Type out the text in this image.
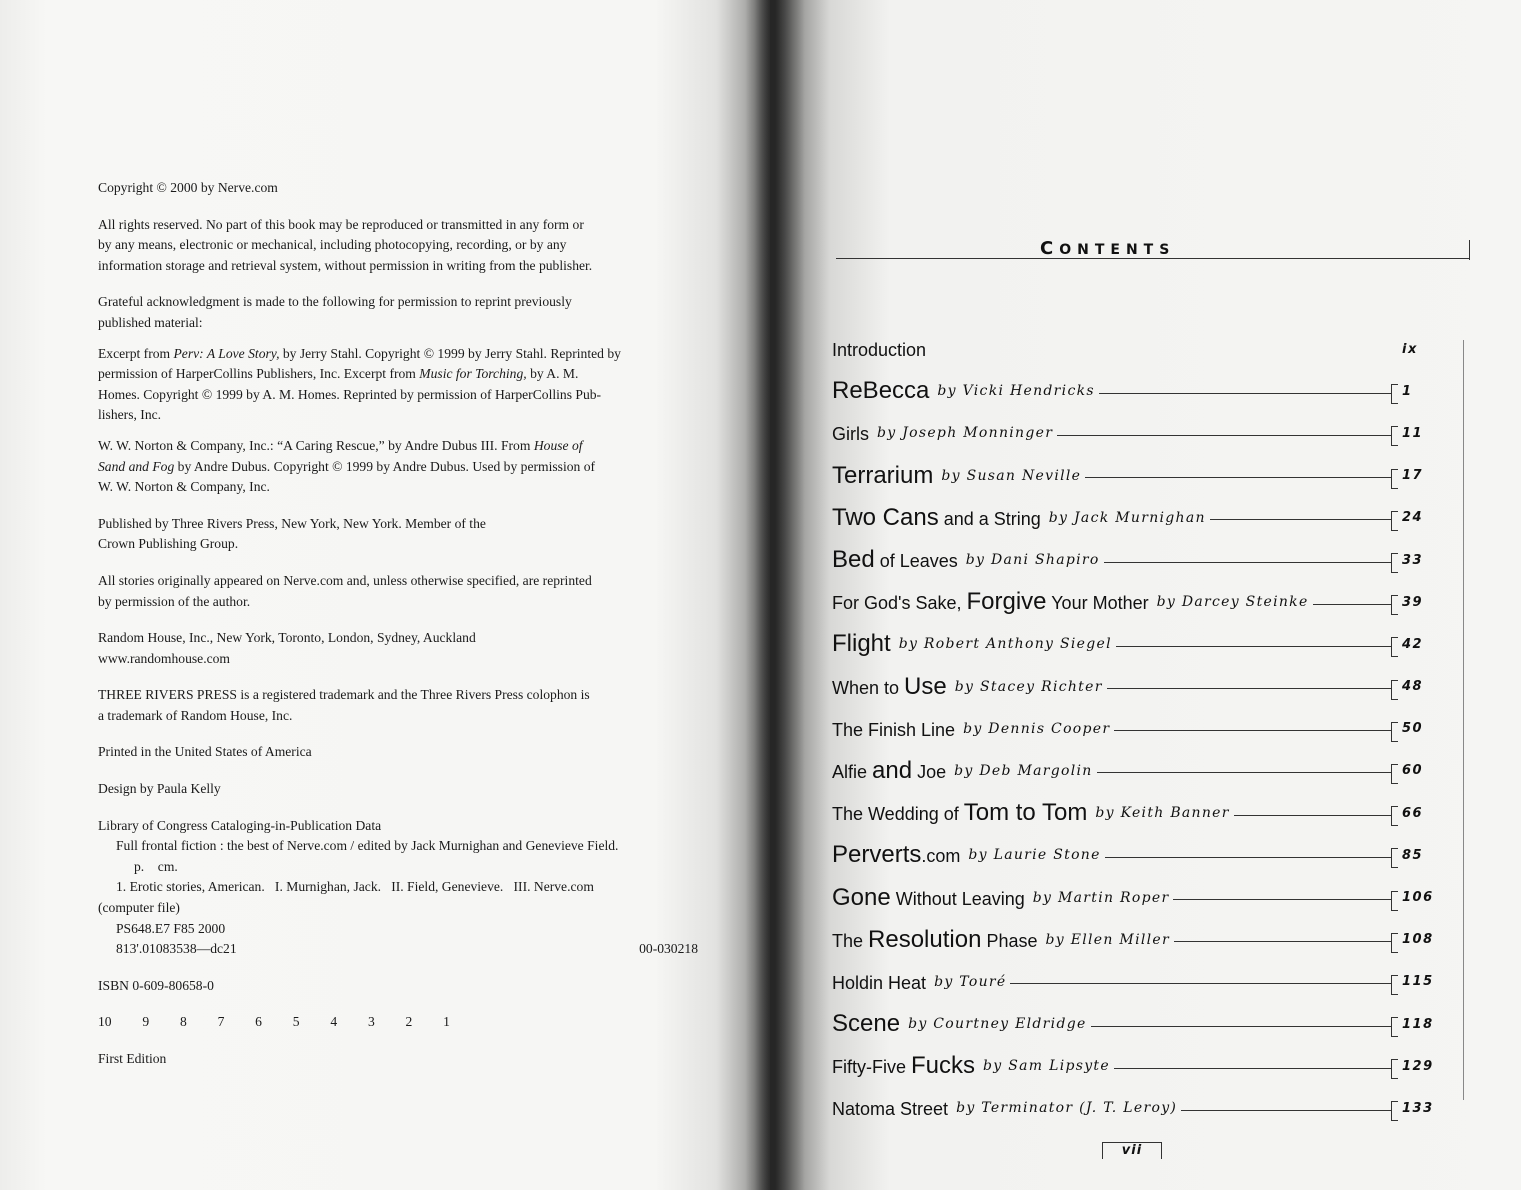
Copyright © 2000 by Nerve.com

All rights reserved. No part of this book may be reproduced or transmitted in any form or

by any means, electronic or mechanical, including photocopying, recording, or by any

information storage and retrieval system, without permission in writing from the publisher.

Grateful acknowledgment is made to the following for permission to reprint previously

published material:

Excerpt from Perv: A Love Story, by Jerry Stahl. Copyright © 1999 by Jerry Stahl. Reprinted by

permission of HarperCollins Publishers, Inc. Excerpt from Music for Torching, by A. M.

Homes. Copyright © 1999 by A. M. Homes. Reprinted by permission of HarperCollins Pub-

lishers, Inc.

W. W. Norton & Company, Inc.: “A Caring Rescue,” by Andre Dubus III. From House of

Sand and Fog by Andre Dubus. Copyright © 1999 by Andre Dubus. Used by permission of

W. W. Norton & Company, Inc.

Published by Three Rivers Press, New York, New York. Member of the

Crown Publishing Group.

All stories originally appeared on Nerve.com and, unless otherwise specified, are reprinted

by permission of the author.

Random House, Inc., New York, Toronto, London, Sydney, Auckland

www.randomhouse.com

THREE RIVERS PRESS is a registered trademark and the Three Rivers Press colophon is

a trademark of Random House, Inc.

Printed in the United States of America

Design by Paula Kelly

Library of Congress Cataloging-in-Publication Data

Full frontal fiction : the best of Nerve.com / edited by Jack Murnighan and Genevieve Field.

p.    cm.

1. Erotic stories, American.   I. Murnighan, Jack.   II. Field, Genevieve.   III. Nerve.com

(computer file)

PS648.E7 F85 2000

813'.01083538—dc21	00-030218

ISBN 0-609-80658-0

10  9  8  7  6  5  4  3  2  1

First Edition

CONTENTS
Introduction	ix
ReBecca by Vicki Hendricks	1
Girls by Joseph Monninger	11
Terrarium by Susan Neville	17
Two Cans and a String by Jack Murnighan	24
Bed of Leaves by Dani Shapiro	33
For God's Sake, Forgive Your Mother by Darcey Steinke	39
Flight by Robert Anthony Siegel	42
When to Use by Stacey Richter	48
The Finish Line by Dennis Cooper	50
Alfie and Joe by Deb Margolin	60
The Wedding of Tom to Tom by Keith Banner	66
Perverts.com by Laurie Stone	85
Gone Without Leaving by Martin Roper	106
The Resolution Phase by Ellen Miller	108
Holdin Heat by Touré	115
Scene by Courtney Eldridge	118
Fifty-Five Fucks by Sam Lipsyte	129
Natoma Street by Terminator (J. T. Leroy)	133
vii
